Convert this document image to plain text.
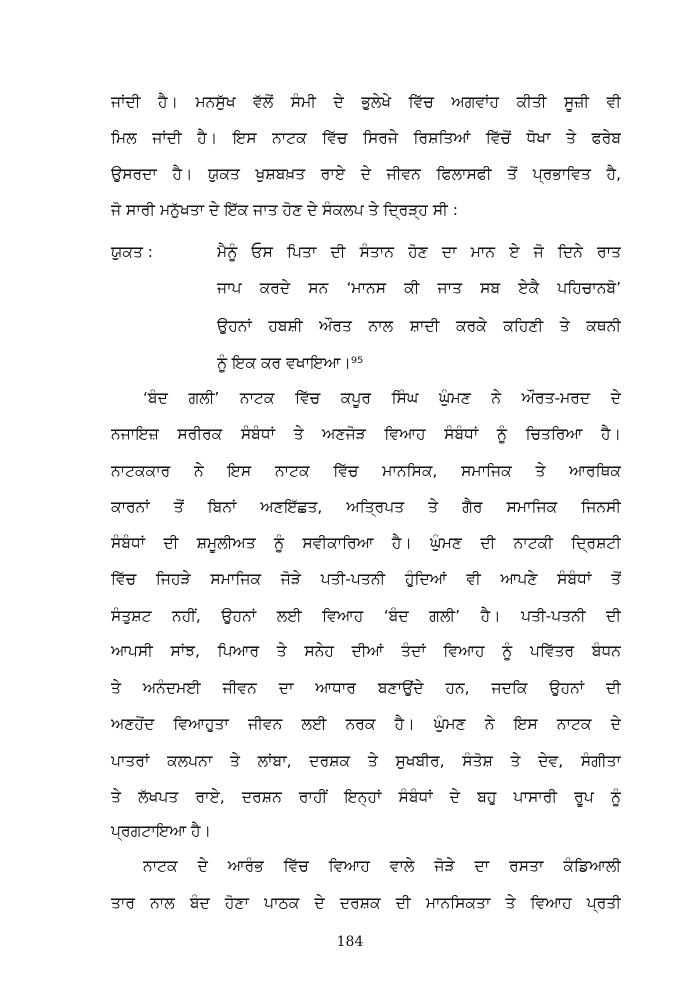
ਜਾਂਦੀ ਹੈ। ਮਨਸੁੱਖ ਵੱਲੋਂ ਸੰਮੀ ਦੇ ਭੁਲੇਖੇ ਵਿੱਚ ਅਗਵਾਂਹ ਕੀਤੀ ਸੂਜ਼ੀ ਵੀ
ਮਿਲ ਜਾਂਦੀ ਹੈ। ਇਸ ਨਾਟਕ ਵਿੱਚ ਸਿਰਜੇ ਰਿਸ਼ਤਿਆਂ ਵਿੱਚੋਂ ਧੋਖਾ ਤੇ ਫਰੇਬ
ਉਸਰਦਾ ਹੈ। ਯੁਕਤ ਖੁਸ਼ਬਖ਼ਤ ਰਾਏ ਦੇ ਜੀਵਨ ਫਿਲਾਸਫੀ ਤੋਂ ਪ੍ਰਭਾਵਿਤ ਹੈ,
ਜੋ ਸਾਰੀ ਮਨੁੱਖਤਾ ਦੇ ਇੱਕ ਜਾਤ ਹੋਣ ਦੇ ਸੰਕਲਪ ਤੇ ਦ੍ਰਿੜ੍ਹ ਸੀ :
ਯੁਕਤ :	ਮੈਨੂੰ ਓਸ ਪਿਤਾ ਦੀ ਸੰਤਾਨ ਹੋਣ ਦਾ ਮਾਨ ਏ ਜੋ ਦਿਨੇ ਰਾਤ
ਜਾਪ ਕਰਦੇ ਸਨ ‘ਮਾਨਸ ਕੀ ਜਾਤ ਸਬ ਏਕੈ ਪਹਿਚਾਨਬੋ’
ਉਹਨਾਂ ਹਬਸ਼ੀ ਔਰਤ ਨਾਲ ਸ਼ਾਦੀ ਕਰਕੇ ਕਹਿਣੀ ਤੇ ਕਥਨੀ
ਨੂੰ ਇਕ ਕਰ ਵਖਾਇਆ।⁹⁵
‘ਬੰਦ ਗਲੀ’ ਨਾਟਕ ਵਿੱਚ ਕਪੂਰ ਸਿੰਘ ਘੁੰਮਣ ਨੇ ਔਰਤ-ਮਰਦ ਦੇ
ਨਜਾਇਜ਼ ਸਰੀਰਕ ਸੰਬੰਧਾਂ ਤੇ ਅਣਜੋੜ ਵਿਆਹ ਸੰਬੰਧਾਂ ਨੂੰ ਚਿਤਰਿਆ ਹੈ।
ਨਾਟਕਕਾਰ ਨੇ ਇਸ ਨਾਟਕ ਵਿੱਚ ਮਾਨਸਿਕ, ਸਮਾਜਿਕ ਤੇ ਆਰਥਿਕ
ਕਾਰਨਾਂ ਤੋਂ ਬਿਨਾਂ ਅਣਇੱਛਤ, ਅਤ੍ਰਿਪਤ ਤੇ ਗੈਰ ਸਮਾਜਿਕ ਜਿਨਸੀ
ਸੰਬੰਧਾਂ ਦੀ ਸ਼ਮੂਲੀਅਤ ਨੂੰ ਸਵੀਕਾਰਿਆ ਹੈ। ਘੁੰਮਣ ਦੀ ਨਾਟਕੀ ਦ੍ਰਿਸ਼ਟੀ
ਵਿੱਚ ਜਿਹੜੇ ਸਮਾਜਿਕ ਜੋੜੇ ਪਤੀ-ਪਤਨੀ ਹੁੰਦਿਆਂ ਵੀ ਆਪਣੇ ਸੰਬੰਧਾਂ ਤੋਂ
ਸੰਤੁਸ਼ਟ ਨਹੀਂ, ਉਹਨਾਂ ਲਈ ਵਿਆਹ ‘ਬੰਦ ਗਲੀ’ ਹੈ। ਪਤੀ-ਪਤਨੀ ਦੀ
ਆਪਸੀ ਸਾਂਝ, ਪਿਆਰ ਤੇ ਸਨੇਹ ਦੀਆਂ ਤੰਦਾਂ ਵਿਆਹ ਨੂੰ ਪਵਿੱਤਰ ਬੰਧਨ
ਤੇ ਅਨੰਦਮਈ ਜੀਵਨ ਦਾ ਆਧਾਰ ਬਣਾਉਂਦੇ ਹਨ, ਜਦਕਿ ਉਹਨਾਂ ਦੀ
ਅਣਹੋਂਦ ਵਿਆਹੁਤਾ ਜੀਵਨ ਲਈ ਨਰਕ ਹੈ। ਘੁੰਮਣ ਨੇ ਇਸ ਨਾਟਕ ਦੇ
ਪਾਤਰਾਂ ਕਲਪਨਾ ਤੇ ਲਾਂਬਾ, ਦਰਸ਼ਕ ਤੇ ਸੁਖਬੀਰ, ਸੰਤੋਸ਼ ਤੇ ਦੇਵ, ਸੰਗੀਤਾ
ਤੇ ਲੱਖਪਤ ਰਾਏ, ਦਰਸ਼ਨ ਰਾਹੀਂ ਇਨ੍ਹਾਂ ਸੰਬੰਧਾਂ ਦੇ ਬਹੁ ਪਾਸਾਰੀ ਰੂਪ ਨੂੰ
ਪ੍ਰਗਟਾਇਆ ਹੈ।
184
ਨਾਟਕ ਦੇ ਆਰੰਭ ਵਿੱਚ ਵਿਆਹ ਵਾਲੇ ਜੋੜੇ ਦਾ ਰਸਤਾ ਕੰਡਿਆਲੀ
ਤਾਰ ਨਾਲ ਬੰਦ ਹੋਣਾ ਪਾਠਕ ਦੇ ਦਰਸ਼ਕ ਦੀ ਮਾਨਸਿਕਤਾ ਤੇ ਵਿਆਹ ਪ੍ਰਤੀ
